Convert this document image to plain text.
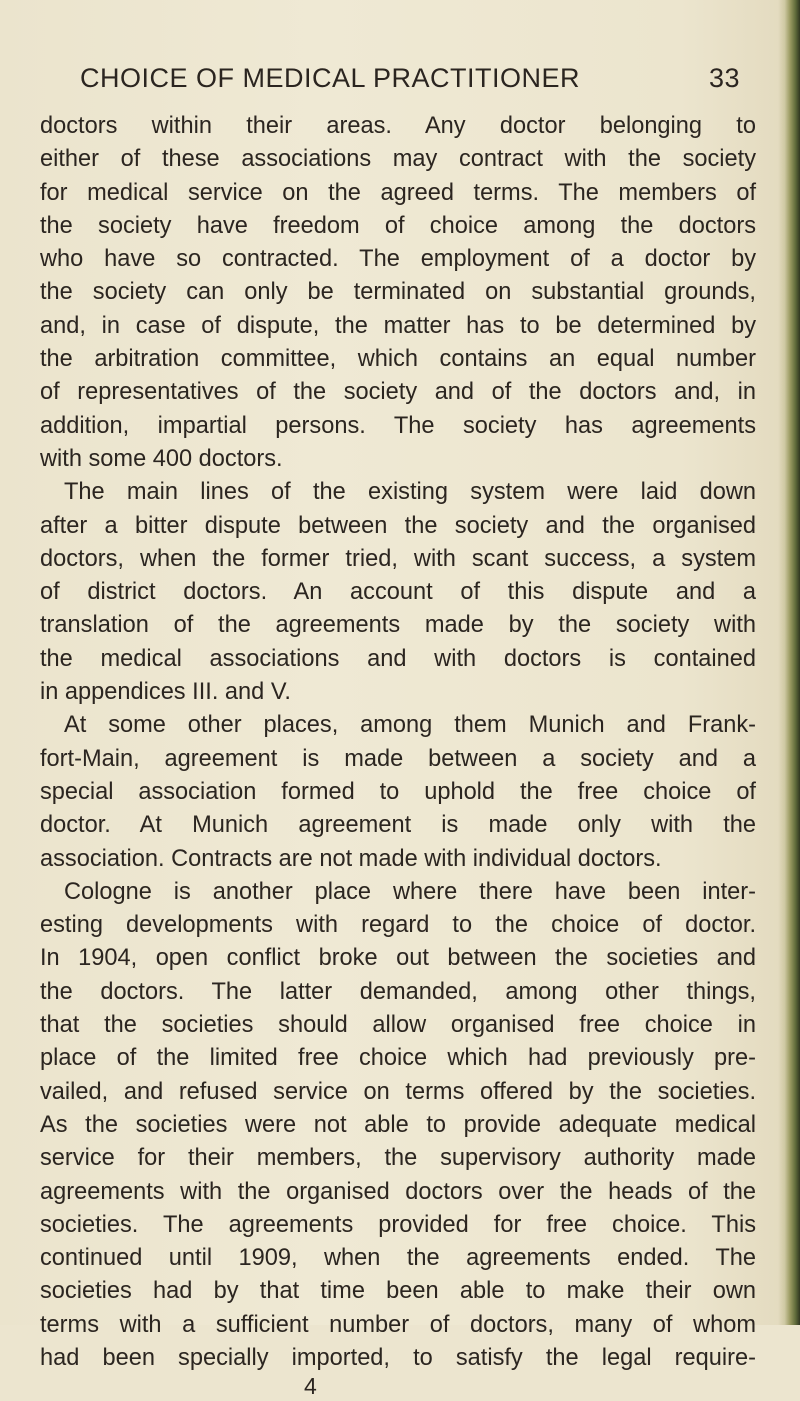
CHOICE OF MEDICAL PRACTITIONER	33
doctors within their areas. Any doctor belonging to
either of these associations may contract with the society
for medical service on the agreed terms. The members of
the society have freedom of choice among the doctors
who have so contracted. The employment of a doctor by
the society can only be terminated on substantial grounds,
and, in case of dispute, the matter has to be determined by
the arbitration committee, which contains an equal number
of representatives of the society and of the doctors and, in
addition, impartial persons. The society has agreements
with some 400 doctors.
The main lines of the existing system were laid down
after a bitter dispute between the society and the organised
doctors, when the former tried, with scant success, a system
of district doctors. An account of this dispute and a
translation of the agreements made by the society with
the medical associations and with doctors is contained
in appendices III. and V.
At some other places, among them Munich and Frank-
fort-Main, agreement is made between a society and a
special association formed to uphold the free choice of
doctor. At Munich agreement is made only with the
association. Contracts are not made with individual doctors.
Cologne is another place where there have been inter-
esting developments with regard to the choice of doctor.
In 1904, open conflict broke out between the societies and
the doctors. The latter demanded, among other things,
that the societies should allow organised free choice in
place of the limited free choice which had previously pre-
vailed, and refused service on terms offered by the societies.
As the societies were not able to provide adequate medical
service for their members, the supervisory authority made
agreements with the organised doctors over the heads of the
societies. The agreements provided for free choice. This
continued until 1909, when the agreements ended. The
societies had by that time been able to make their own
terms with a sufficient number of doctors, many of whom
had been specially imported, to satisfy the legal require-
4
